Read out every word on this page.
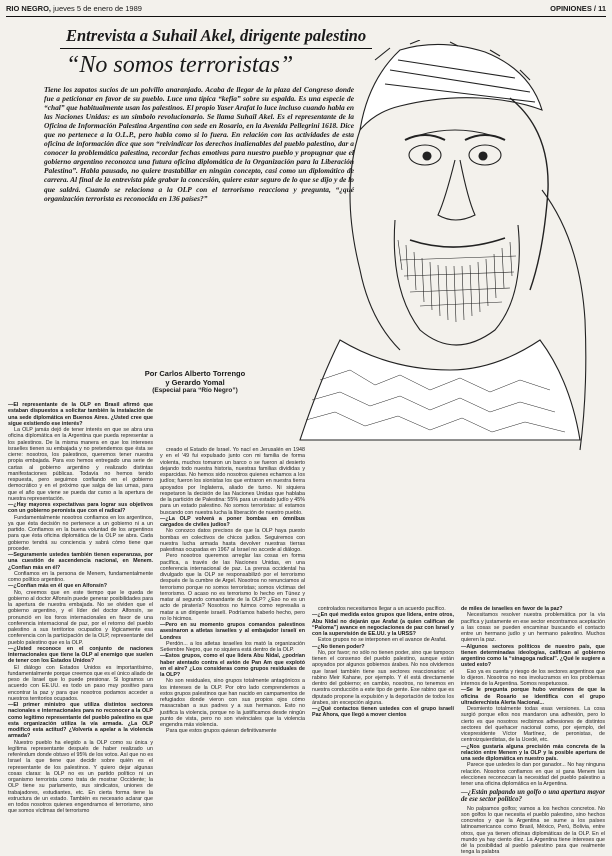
RIO NEGRO, jueves 5 de enero de 1989	OPINIONES / 11
Entrevista a Suhail Akel, dirigente palestino
“No somos terroristas”
Tiene los zapatos sucios de un polvillo anaranjado. Acaba de llegar de la plaza del Congreso donde fue a peticionar en favor de su pueblo. Luce una típica “kefia” sobre su espalda. Es una especie de “chal” que habitualmente usan los palestinos. El propio Yaser Arafat lo luce incluso cuando habla en las Naciones Unidas: es un símbolo revolucionario. Se llama Suhail Akel. Es el representante de la Oficina de Información Palestina Argentina con sede en Rosario, en la Avenida Pellegrini 1618. Dice que no pertenece a la O.L.P., pero habla como si lo fuera. En relación con las actividades de esta oficina de información dice que son “reivindicar los derechos inalienables del pueblo palestino, dar a conocer la problemática palestina, recordar fechas emotivas para nuestro pueblo y propugnar que el gobierno argentino reconozca una futura oficina diplomática de la Organización para la Liberación Palestina”. Habla pausado, no quiere trastabillar en ningún concepto, casi como un diplomático de carrera. Al final de la entrevista pide grabar la concesión, quiere estar seguro de lo que se dijo y de lo que saldrá. Cuando se relaciona a la OLP con el terrorismo reacciona y pregunta, “¿qué organización terrorista es reconocida en 136 países?”
Por Carlos Alberto Torrengo
y Gerardo Yomal
(Especial para “Río Negro”)

—El representante de la OLP en Brasil afirmó que estaban dispuestos a solicitar también la instalación de una sede diplomática en Buenos Aires. ¿Usted cree que sigue existiendo ese interés?

La OLP jamás dejó de tener interés en que se abra una oficina diplomática en la Argentina que pueda representar a los palestinos. De la misma manera en que los intereses israelíes tienen su embajada y no pretendemos que ésta se cierre: nosotros, los palestinos, queremos tener nuestra propia embajada. Para eso hemos entregado una serie de cartas al gobierno argentino y realizado distintas manifestaciones públicas. Todavía no hemos tenido respuesta, pero seguimos confiando en el gobierno democrático y en el próximo que salga de las urnas, para que el año que viene se pueda dar curso a la apertura de nuestra representación.

—¿Hay mayores expectativas para lograr sus objetivos con un gobierno peronista que con el radical?

Fundamentalmente nosotros confiamos en los argentinos, ya que ésta decisión no pertenece a un gobierno ni a un partido. Confiamos en la buena voluntad de los argentinos para que ésta oficina diplomática de la OLP se abra. Cada gobierno tendrá su conciencia y sabrá cómo tiene que proceder.

—Seguramente ustedes también tienen esperanzas, por una cuestión de ascendencia nacional, en Menem. ¿Confían más en él?

Confiamos en la persona de Menem, fundamentalmente como político argentino.

—¿Confían más en él que en Alfonsín?

No, creemos que en este tiempo que le queda de gobierno al doctor Alfonsín puede generar posibilidades para la apertura de nuestra embajada. No se olviden que el gobierno argentino, y el líder del doctor Alfonsín, se pronunció en los foros internacionales en favor de una conferencia internacional de paz, por el retorno del pueblo palestino a sus territorios ocupados y lógicamente esa conferencia con la participación de la OLP, representante del pueblo palestino que es la OLP.

—¿Usted reconoce en el conjunto de naciones internacionales que tiene la OLP al enemigo que suelen de tener con los Estados Unidos?

El diálogo con Estados Unidos es importantísimo, fundamentalmente porque creemos que es el único aliado de peso de Israel que lo puede presionar. Si logramos un acuerdo con EE.UU. es todo un paso muy positivo para encontrar la paz y para que nosotros podamos acceder a nuestros territorios ocupados.

—El primer ministro que utiliza distintos sectores nacionales e internacionales para no reconocer a la OLP como legítimo representante del pueblo palestino es que esta organización utiliza la vía armada. ¿La OLP modificó esta actitud? ¿Volvería a apelar a la violencia armada?

Nuestro pueblo ha elegido a la OLP como su única y legítima representante después de haber realizado un referéndum donde obtuvo el 95% de los votos. Así que no es Israel la que tiene que decidir sobre quién es el representante de los palestinos. Y quiero dejar algunas cosas claras: la OLP no es un partido político ni un organismo terrorista como trata de mostrar Occidente; la OLP tiene su parlamento, sus sindicatos, uniones de trabajadores, estudiantes, etc. En cierta forma tiene la estructura de un estado. También es necesario aclarar que en todos nosotros quienes engendramos el terrorismo, sino que somos víctimas del terrorismo

creado el Estado de Israel. Yo nací en Jerusalén en 1948 y en el '49 fui expulsado junto con mi familia de forma violenta, muchos tomaron un barco o se fueron al desierto dejando todo nuestra historia, nuestras familias divididas y esparcidas. No hemos sido nosotros quienes echamos a los judíos; fueron los sionistas los que entraron en nuestra tierra apoyados por Inglaterra, aliado de turno. Ni siquiera respetaron la decisión de las Naciones Unidas que hablaba de la partición de Palestina: 55% para un estado judío y 45% para un estado palestino. No somos terroristas: sí estamos buscando con nuestra lucha la liberación de nuestro pueblo.

—¿La OLP volverá a poner bombas en ómnibus cargados de civiles judíos?

No conozco datos precisos de que la OLP haya puesto bombas en colectivos de chicos judíos. Seguiremos con nuestra lucha armada hasta devolver nuestras tierras palestinas ocupadas en 1967 al Israel no accede al diálogo.

Pero nosotros queremos arreglar las cosas en forma pacífica, a través de las Naciones Unidas, en una conferencia internacional de paz. La prensa occidental ha divulgado que la OLP se responsabilizó por el terrorismo después de la cumbre de Argel. Nosotros no renunciamos al terrorismo porque no somos terroristas; somos víctimas del terrorismo. O acaso no es terrorismo lo hecho en Túnez y matar al segundo comandante de la OLP? ¿Eso no es un acto de piratería? Nosotros no fuimos como represalia a matar a un dirigente israelí. Podríamos haberlo hecho, pero no lo hicimos.

—Pero en su momento grupos comandos palestinos asesinaron a atletas israelíes y al embajador israelí en Londres

Perdón... a los atletas israelíes los mató la organización Setiembre Negro, que no siquiera está dentro de la OLP.

—Estos grupos, como el que lidera Abu Nidal, ¿podrían haber atentado contra el avión de Pan Am que explotó en el aire? ¿Los consideras como grupos residuales de la OLP?

No son residuales, sino grupos totalmente antagónicos a los intereses de la OLP. Por otro lado comprendemos a estos grupos palestinos que han nacido en campamentos de refugiados donde vieron con sus propios ojos cómo masacraban a sus padres y a sus hermanos. Esto no justifica la violencia, porque no la justificamos desde ningún punto de vista, pero no son vivénciales que la violencia engendra más violencia.

Para que estos grupos quieran definitivamente

controlados necesitamos llegar a un acuerdo pacífico.

—¿En qué medida estos grupos que lidera, entre otros, Abu Nidal no dejarán que Arafat (a quien califican de “Paloma”) avance en negociaciones de paz con Israel y con la supervisión de EE.UU. y la URSS?

Estos grupos no se interponen en el avance de Arafat.

—¿No tienen poder?

No, por favor; no sólo no tienen poder, sino que tampoco tienen el consenso del pueblo palestino, aunque están apoyados por algunos gobiernos árabes. No nos olvidemos que Israel también tiene sus sectores reaccionarios: el rabino Meir Kahane, por ejemplo. Y él está directamente dentro del gobierno; en cambio, nosotros, no tenemos en nuestra conducción a este tipo de gente. Ese rabino que es diputado propone la expulsión y la deportación de todos los árabes, sin excepción alguna.

—¿Qué contactos tienen ustedes con el grupo israelí Paz Ahora, que llegó a mover cientos

de miles de israelíes en favor de la paz?

Necesitamos resolver nuestra problemática por la vía pacífica y justamente en ese sector encontramos aceptación a las cosas se pueden encaminar buscando el contacto entre un hermano judío y un hermano palestino. Muchos quieren la paz.

—Algunos sectores políticos de nuestro país, que tienen determinadas ideologías, califican al gobierno argentino como la “sinagoga radical”. ¿Qué le sugiere a usted esto?

Eso ya es cuenta y riesgo de los sectores argentinos que lo dijeron. Nosotros no nos involucramos en los problemas internos de la Argentina. Somos respetuosos.

—Se le pregunta porque hubo versiones de que la oficina de Rosario se identifica con el grupo ultraderechista Alerta Nacional...

Desmiento totalmente todas esas versiones. La cosa surgió porque ellos nos mandaron una adhesión, pero lo cierto es que nosotros recibimos adhesiones de distintos sectores del quehacer nacional como, por ejemplo, del vicepresidente Víctor Martínez, de peronistas, de centroizquierdistas, de la Ucedé, etc.

—¿Nos gustaría alguna precisión más concreta de la relación entre Menem y la OLP y la posible apertura de una sede diplomática en nuestro país.

Parece que ustedes lo dan por ganador... No hay ninguna relación. Nosotros confiamos en que si gana Menem las elecciones reconozcan la necesidad del pueblo palestino a tener una oficina diplomática en la Argentina.

—¿Están palpando un golfo o una apertura mayor de ese sector político?

No palpamos golfos; vamos a los hechos concretos. No son golfos lo que necesita el pueblo palestino, sino hechos concretos y que la Argentina se sume a los países latinoamericanos como Brasil, México, Perú, Bolivia, entre otros, que ya tienen oficinas diplomáticas de la OLP. En el mundo ya hay ciento diez. La Argentina tiene intereses que dé la posibilidad al pueblo palestino para que realmente tenga la palabra
